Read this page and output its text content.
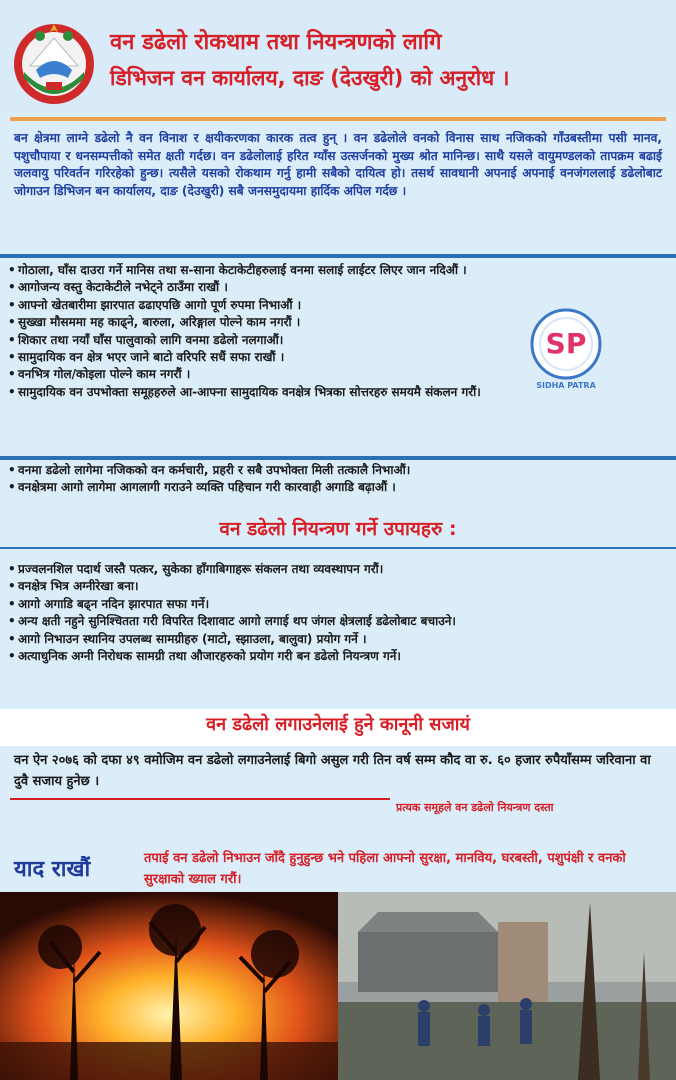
वन डढेलो रोकथाम तथा नियन्त्रणको लागि
डिभिजन वन कार्यालय, दाङ (देउखुरी) को अनुरोध ।
बन क्षेत्रमा लाग्ने डढेलो नै वन विनाश र क्षयीकरणका कारक तत्व हुन् । वन डढेलोले वनको विनास साथ नजिकको गाँउबस्तीमा पसी मानव, पशुचौपाया र धनसम्पत्तीको समेत क्षती गर्दछ। वन डढेलोलाई हरित ग्याँस उत्सर्जनको मुख्य श्रोत मानिन्छ। साथै यसले वायुमण्डलको तापक्रम बढाई जलवायु परिवर्तन गरिरहेको हुन्छ। त्यसैले यसको रोकथाम गर्नु हामी सबैको दायित्व हो। तसर्थ सावधानी अपनाई अपनाई वनजंगललाई डढेलोबाट जोगाउन डिभिजन बन कार्यालय, दाङ (देउखुरी) सबै जनसमुदायमा हार्दिक अपिल गर्दछ ।
• गोठाला, घाँस दाउरा गर्ने मानिस तथा स-साना केटाकेटीहरुलाई वनमा सलाई लाईटर लिएर जान नदिऔं ।
• आगोजन्य वस्तु केटाकेटीले नभेट्ने ठाउँमा राखौं ।
• आफ्नो खेतबारीमा झारपात ढढाएपछि आगो पूर्ण रुपमा निभाऔं ।
• सुख्खा मौसममा मह काढ्ने, बारुला, अरिङ्गाल पोल्ने काम नगरौं ।
• शिकार तथा नयाँ घाँस पालुवाको लागि वनमा डढेलो नलगाऔं।
• सामुदायिक वन क्षेत्र भएर जाने बाटो वरिपरि सधैं सफा राखौं ।
• वनभित्र गोल/कोइला पोल्ने काम नगरौं ।
• सामुदायिक वन उपभोक्ता समूहहरुले आ-आफ्ना सामुदायिक वनक्षेत्र भित्रका सोत्तरहरु समयमै संकलन गरौं।
• वनमा डढेलो लागेमा नजिकको वन कर्मचारी, प्रहरी र सबै उपभोक्ता मिली तत्कालै निभाऔं।
• वनक्षेत्रमा आगो लागेमा आगलागी गराउने व्यक्ति पहिचान गरी कारवाही अगाडि बढ़ाऔं ।
वन डढेलो नियन्त्रण गर्ने उपायहरु :
• प्रज्वलनशिल पदार्थ जस्तै पत्कर, सुकेका हाँगाबिगाहरू संकलन तथा व्यवस्थापन गरौं।
• वनक्षेत्र भित्र अग्नीरेखा बना।
• आगो अगाडि बढ्न नदिन झारपात सफा गर्ने।
• अन्य क्षती नहुने सुनिश्चितता गरी विपरित दिशावाट आगो लगाई थप जंगल क्षेत्रलाई डढेलोबाट बचाउने।
• आगो निभाउन स्थानिय उपलब्ध सामग्रीहरु (माटो, स्झाउला, बालुवा) प्रयोग गर्ने ।
• अत्याधुनिक अग्नी निरोधक सामग्री तथा औजारहरुको प्रयोग गरी बन डढेलो नियन्त्रण गर्ने।
SP
SIDHA PATRA
वन डढेलो लगाउनेलाई हुने कानूनी सजायं
वन ऐन २०७६ को दफा ४९ वमोजिम वन डढेलो लगाउनेलाई बिगो असुल गरी तिन वर्ष सम्म कौद वा रु. ६० हजार रुपैयाँसम्म जरिवाना वा दुवै सजाय हुनेछ ।
प्रत्यक समूहले वन डढेलो नियन्त्रण दस्ता
याद राखौं	तपाई वन डढेलो निभाउन जाँदै हुनुहुन्छ भने पहिला आफ्नो सुरक्षा, मानविय, घरबस्ती, पशुपंक्षी र वनको सुरक्षाको ख्याल गरौं।
